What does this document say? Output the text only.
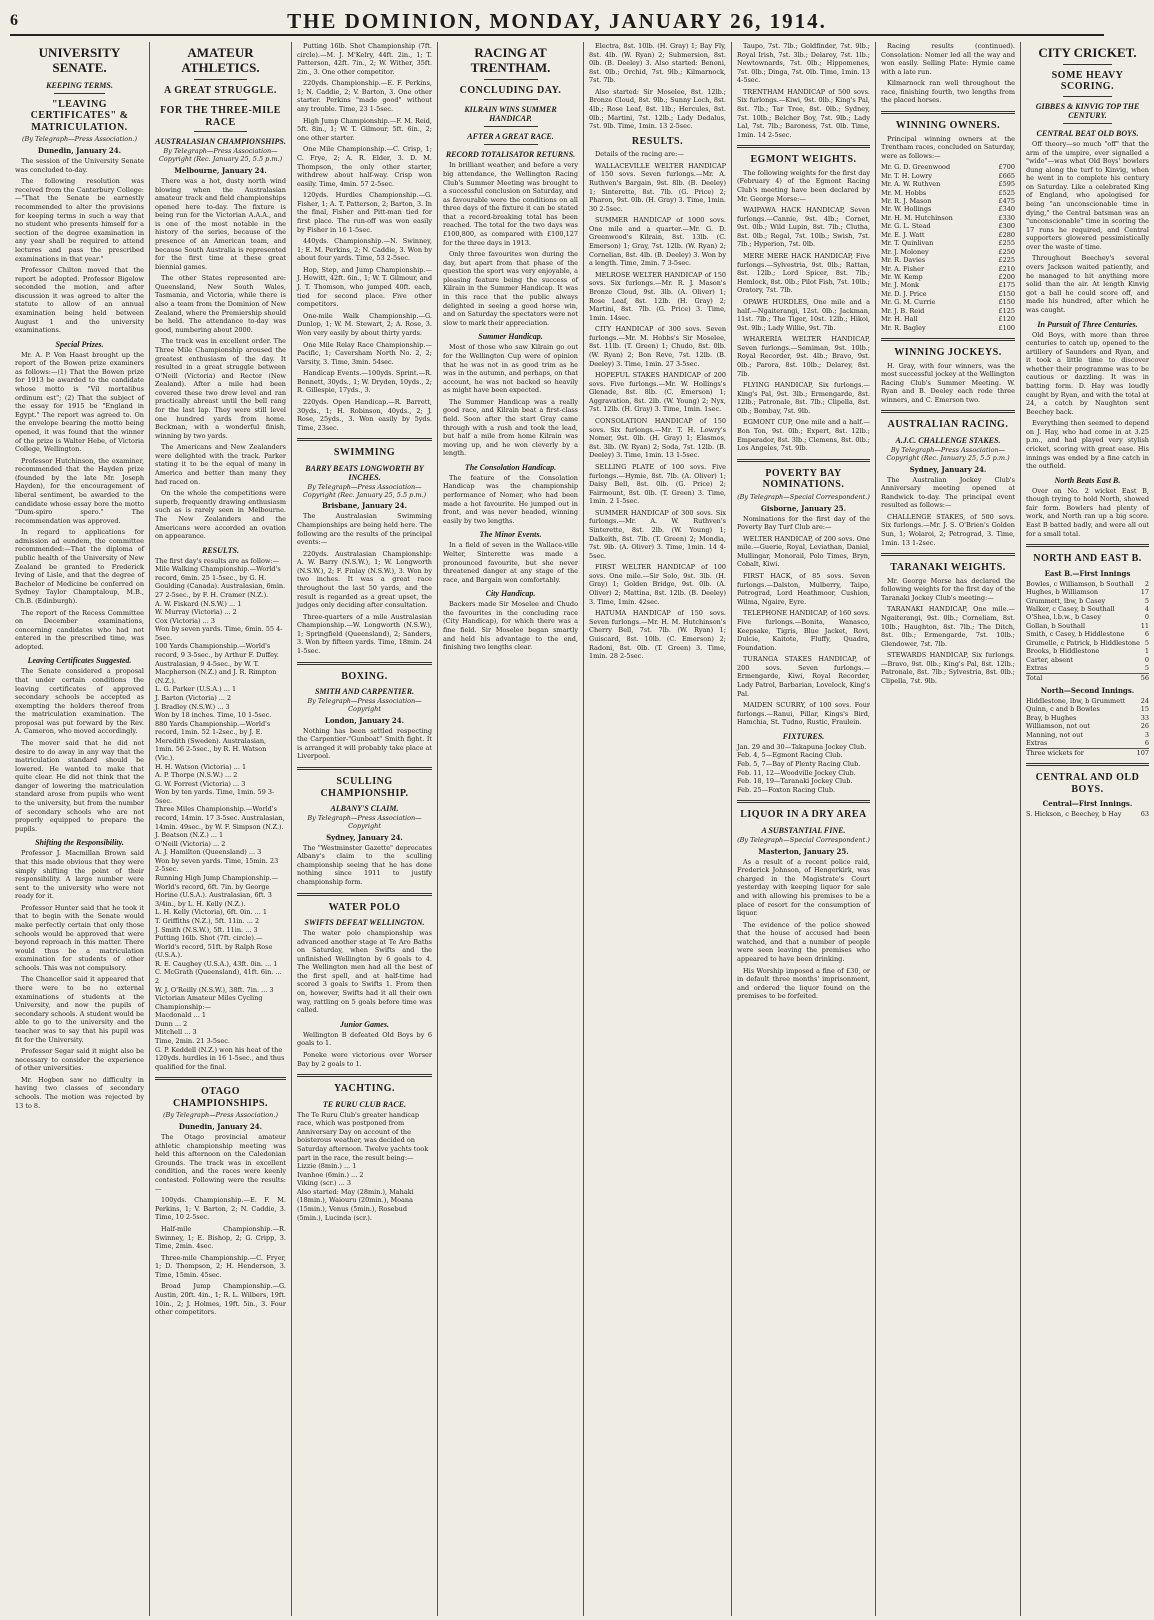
6	THE DOMINION, MONDAY, JANUARY 26, 1914.
UNIVERSITY SENATE.
KEEPING TERMS.
"LEAVING CERTIFICATES" & MATRICULATION.
(By Telegraph—Press Association.)
Dunedin, January 24.

The session of the University Senate was concluded to-day.

The following resolution was received from the Canterbury College:—"That the Senate be earnestly recommended to alter the provisions for keeping terms in such a way that no student who presents himself for a section of the degree examination in any year shall be required to attend lectures and pass the prescribed examinations in that year."

Professor Chilton moved that the report be adopted. Professor Bigelow seconded the motion, and after discussion it was agreed to alter the statute to allow of an annual examination being held between August 1 and the university examinations.

Special Prizes.

Mr. A. P. Von Haast brought up the report of the Bowen prize examiners as follows:—(1) That the Bowen prize for 1913 be awarded to the candidate whose motto is "Vil mortalibus ordinum est"; (2) That the subject of the essay for 1915 be "England in Egypt." The report was agreed to. On the envelope bearing the motto being opened, it was found that the winner of the prize is Walter Hebe, of Victoria College, Wellington.

Professor Hutchinson, the examiner, recommended that the Hayden prize (founded by the late Mr. Joseph Hayden), for the encouragement of liberal sentiment, be awarded to the candidate whose essay bore the motto "Dum-spiro spero." The recommendation was approved.

In regard to applications for admission ad eundem, the committee recommended:—That the diploma of public health of the University of New Zealand be granted to Frederick Irving of Lisle, and that the degree of Bachelor of Medicine be conferred on Sydney Taylor Champtaloup, M.B., Ch.B. (Edinburgh).

The report of the Recess Committee on December examinations, concerning candidates who had not entered in the prescribed time, was adopted.

Leaving Certificates Suggested.

The Senate considered a proposal that under certain conditions the leaving certificates of approved secondary schools be accepted as exempting the holders thereof from the matriculation examination. The proposal was put forward by the Rev. A. Cameron, who moved accordingly.

The mover said that he did not desire to do away in any way that the matriculation standard should be lowered. He wanted to make that quite clear. He did not think that the danger of lowering the matriculation standard arose from pupils who went to the university, but from the number of secondary schools who are not properly equipped to prepare the pupils.

Shifting the Responsibility.

Professor J. Macmillan Brown said that this made obvious that they were simply shifting the point of their responsibility. A large number were sent to the university who were not ready for it.

Professor Hunter said that he took it that to begin with the Senate would make perfectly certain that only those schools would be approved that were beyond reproach in this matter. There would thus be a matriculation examination for students of other schools. This was not compulsory.

The Chancellor said it appeared that there were to be no external examinations of students at the University, and now the pupils of secondary schools. A student would be able to go to the university and the teacher was to say that his pupil was fit for the University.

Professor Segar said it might also be necessary to consider the experience of other universities.

Mr. Hogben saw no difficulty in having two classes of secondary schools. The motion was rejected by 13 to 8.

AMATEUR ATHLETICS.
A GREAT STRUGGLE.
FOR THE THREE-MILE RACE
AUSTRALASIAN CHAMPIONSHIPS.
By Telegraph—Press Association—Copyright (Rec. January 25, 5.5 p.m.)
Melbourne, January 24.

There was a hot, dusty north wind blowing when the Australasian amateur track and field championships opened here to-day. The fixture is being run for the Victorian A.A.A., and is one of the most notable in the history of the series, because of the presence of an American team, and because South Australia is represented for the first time at these great biennial games.

The other States represented are: Queensland, New South Wales, Tasmania, and Victoria, while there is also a team from the Dominion of New Zealand, where the Premiership should be held. The attendance to-day was good, numbering about 2000.

The track was in excellent order. The Three Mile Championship aroused the greatest enthusiasm of the day. It resulted in a great struggle between O'Neill (Victoria) and Rector (New Zealand). After a mile had been covered these two drew level and ran practically abreast until the bell rang for the last lap. They were still level one hundred yards from home. Beckman, with a wonderful finish, winning by two yards.

The Americans and New Zealanders were delighted with the track. Parker stating it to be the equal of many in America and better than many they had raced on.

On the whole the competitions were superb, frequently drawing enthusiasm such as is rarely seen in Melbourne. The New Zealanders and the Americans were accorded an ovation on appearance.

RESULTS.

The first day's results are as follow:—

Mile Walking Championship.—World's record, 6min. 25 1-5sec., by G. H. Goulding (Canada). Australasian, 6min. 27 2-5sec., by F. H. Cramer (N.Z.).

A. W. Fiskard (N.S.W.) ... 1

W. Murray (Victoria) ... 2

Cox (Victoria) ... 3

Won by seven yards. Time, 6min. 55 4-5sec.

100 Yards Championship.—World's record, 9 3-5sec., by Arthur F. Duffey. Australasian, 9 4-5sec., by W. T. Macpherson (N.Z.) and J. R. Rimpton (N.Z.).

L. G. Parker (U.S.A.) ... 1

J. Barton (Victoria) ... 2

J. Bradley (N.S.W.) ... 3

Won by 18 inches. Time, 10 1-5sec.

880 Yards Championship.—World's record, 1min. 52 1-2sec., by J. E. Meredith (Sweden). Australasian, 1min. 56 2-5sec., by R. H. Watson (Vic.).

H. H. Watson (Victoria) ... 1

A. P. Thorpe (N.S.W.) ... 2

G. W. Forrest (Victoria) ... 3

Won by ten yards. Time, 1min. 59 3-5sec.

Three Miles Championship.—World's record, 14min. 17 3-5sec. Australasian, 14min. 49sec., by W. F. Simpson (N.Z.).

J. Beatson (N.Z.) ... 1

O'Neill (Victoria) ... 2

A. J. Hamilton (Queensland) ... 3

Won by seven yards. Time, 15min. 23 2-5sec.

Running High Jump Championship.—World's record, 6ft. 7in. by George Horine (U.S.A.). Australasian, 6ft. 3 3/4in., by L. H. Kelly (N.Z.).

L. H. Kelly (Victoria), 6ft. 0in. ... 1

T. Griffiths (N.Z.), 5ft. 11in. ... 2

J. Smith (N.S.W.), 5ft. 11in. ... 3

Putting 16lb. Shot (7ft. circle).—World's record, 51ft. by Ralph Rose (U.S.A.).

R. E. Caughey (U.S.A.), 43ft. 0in. ... 1

C. McGrath (Queensland), 41ft. 6in. ... 2

W. J. O'Reilly (N.S.W.), 38ft. 7in. ... 3

Victorian Amateur Miles Cycling Championship:—

Macdonald ... 1

Dunn ... 2

Mitchell ... 3

Time, 2min. 21 3-5sec.

G. P. Keddell (N.Z.) won his heat of the 120yds. hurdles in 16 1-5sec., and thus qualified for the final.

OTAGO CHAMPIONSHIPS.
(By Telegraph—Press Association.)
Dunedin, January 24.

The Otago provincial amateur athletic championship meeting was held this afternoon on the Caledonian Grounds. The track was in excellent condition, and the races were keenly contested. Following were the results:—

100yds. Championship.—E. F. M. Perkins, 1; V. Barton, 2; N. Caddie, 3. Time, 10 2-5sec.

Half-mile Championship.—R. Swinney, 1; E. Bishop, 2; G. Cripp, 3. Time, 2min. 4sec.

Three-mile Championship.—C. Fryer, 1; D. Thompson, 2; H. Henderson, 3. Time, 15min. 45sec.

Broad Jump Championship.—G. Austin, 20ft. 4in., 1; R. L. Wilbers, 19ft. 10in., 2; J. Holmes, 19ft. 5in., 3. Four other competitors.

Putting 16lb. Shot Championship (7ft. circle).—M. J. M'Kelry, 44ft. 2in., 1; T. Patterson, 42ft. 7in., 2; W. Wither, 35ft. 2in., 3. One other competitor.

220yds. Championship.—E. F. Perkins, 1; N. Caddie, 2; V. Barton, 3. One other starter. Perkins "made good" without any trouble. Time, 23 1-5sec.

High Jump Championship.—F. M. Reid, 5ft. 8in., 1; W. T. Gilmour, 5ft. 6in., 2; one other starter.

One Mile Championship.—C. Crisp, 1; C. Frye, 2; A. R. Elder, 3. D. M. Thompson, the only other starter, withdrew about half-way. Crisp won easily. Time, 4min. 57 2-5sec.

120yds. Hurdles Championship.—G. Fisher, 1; A. T. Patterson, 2; Barton, 3. In the final, Fisher and Pitt-man tied for first place. The run-off was won easily by Fisher in 16 1-5sec.

440yds. Championship.—N. Swinney, 1; E. M. Perkins, 2; N. Caddie, 3. Won by about four yards. Time, 53 2-5sec.

Hop, Step, and Jump Championship.—J. Hewitt, 42ft. 6in., 1; W. T. Gilmour, and J. T. Thomson, who jumped 40ft. each, tied for second place. Five other competitors.

One-mile Walk Championship.—G. Dunlop, 1; W. M. Stewart, 2; A. Rose, 3. Won very easily by about thirty yards.

One Mile Relay Race Championship.—Pacific, 1; Caversham North No. 2, 2; Varsity, 3. Time, 3min. 54sec.

Handicap Events.—100yds. Sprint.—R. Bennett, 30yds., 1; W. Dryden, 10yds., 2; R. Gillespie, 17yds., 3.

220yds. Open Handicap.—R. Barrett, 30yds., 1; H. Robinson, 40yds., 2; J. Rose, 25yds., 3. Won easily by 5yds. Time, 23sec.

SWIMMING
BARRY BEATS LONGWORTH BY INCHES.
By Telegraph—Press Association—Copyright (Rec. January 25, 5.5 p.m.)
Brisbane, January 24.

The Australasian Swimming Championships are being held here. The following are the results of the principal events:—

220yds. Australasian Championship: A. W. Barry (N.S.W.), 1; W. Longworth (N.S.W.), 2; F. Finlay (N.S.W.), 3. Won by two inches. It was a great race throughout the last 50 yards, and the result is regarded as a great upset, the judges only deciding after consultation.

Three-quarters of a mile Australasian Championship.—W. Longworth (N.S.W.), 1; Springfield (Queensland), 2; Sanders, 3. Won by fifteen yards. Time, 18min. 24 1-5sec.

BOXING.
SMITH AND CARPENTIER.
By Telegraph—Press Association—Copyright
London, January 24.

Nothing has been settled respecting the Carpentier-"Gunboat" Smith fight. It is arranged it will probably take place at Liverpool.

SCULLING CHAMPIONSHIP.
ALBANY'S CLAIM.
By Telegraph—Press Association—Copyright
Sydney, January 24.

The "Westminster Gazette" deprecates Albany's claim to the sculling championship seeing that he has done nothing since 1911 to justify championship form.

WATER POLO
SWIFTS DEFEAT WELLINGTON.

The water polo championship was advanced another stage at Te Aro Baths on Saturday, when Swifts and the unfinished Wellington by 6 goals to 4. The Wellington men had all the best of the first spell, and at half-time had scored 3 goals to Swifts 1. From then on, however, Swifts had it all their own way, rattling on 5 goals before time was called.

Junior Games.

Wellington B defeated Old Boys by 6 goals to 1.

Poneke were victorious over Worser Bay by 2 goals to 1.

YACHTING.
TE RURU CLUB RACE.

The Te Ruru Club's greater handicap race, which was postponed from Anniversary Day on account of the boisterous weather, was decided on Saturday afternoon. Twelve yachts took part in the race, the result being:—

Lizzie (8min.) ... 1

Ivanhoe (6min.) ... 2

Viking (scr.) ... 3

Also started: May (28min.), Mahaki (18min.), Waiouru (20min.), Moana (15min.), Venus (5min.), Rosebud (5min.), Lucinda (scr.).

RACING AT TRENTHAM.
CONCLUDING DAY.
KILRAIN WINS SUMMER HANDICAP.
AFTER A GREAT RACE.
RECORD TOTALISATOR RETURNS.

In brilliant weather, and before a very big attendance, the Wellington Racing Club's Summer Meeting was brought to a successful conclusion on Saturday, and as favourable were the conditions on all three days of the fixture it can be stated that a record-breaking total has been reached. The total for the two days was £100,800, as compared with £100,127 for the three days in 1913.

Only three favourites won during the day, but apart from that phase of the question the sport was very enjoyable, a pleasing feature being the success of Kilrain in the Summer Handicap. It was in this race that the public always delighted in seeing a good horse win, and on Saturday the spectators were not slow to mark their appreciation.

Summer Handicap.

Most of those who saw Kilrain go out for the Wellington Cup were of opinion that he was not in as good trim as he was in the autumn, and perhaps, on that account, he was not backed so heavily as might have been expected.

The Summer Handicap was a really good race, and Kilrain beat a first-class field. Soon after the start Gray came through with a rush and took the lead, but half a mile from home Kilrain was moving up, and he won cleverly by a length.

The Consolation Handicap.

The feature of the Consolation Handicap was the championship performance of Nomer, who had been made a hot favourite. He jumped out in front, and was never headed, winning easily by two lengths.

The Minor Events.

In a field of seven in the Wallace-ville Welter, Sinterette was made a pronounced favourite, but she never threatened danger at any stage of the race, and Bargain won comfortably.

City Handicap.

Backers made Sir Moselee and Chudo the favourites in the concluding race (City Handicap), for which there was a fine field. Sir Moselee began smartly and held his advantage to the end, finishing two lengths clear.

Electra, 8st. 10lb. (H. Gray) 1; Bay Fly, 8st. 4lb. (W. Ryan) 2; Submersion, 8st. 0lb. (B. Deeley) 3. Also started: Benoni, 8st. 0lb.; Orchid, 7st. 9lb.; Kilmarnock, 7st. 7lb.

Also started: Sir Moselee, 8st. 12lb.; Bronze Cloud, 8st. 9lb.; Sunny Loch, 8st. 4lb.; Rose Leaf, 8st. 1lb.; Hercules, 8st. 0lb.; Martini, 7st. 12lb.; Lady Dedalus, 7st. 9lb. Time, 1min. 13 2-5sec.

RESULTS.

Details of the racing are:—

WALLACEVILLE WELTER HANDICAP of 150 sovs. Seven furlongs.—Mr. A. Ruthven's Bargain, 9st. 8lb. (B. Deeley) 1; Sinterette, 8st. 7lb. (G. Price) 2; Pharon, 9st. 0lb. (H. Gray) 3. Time, 1min. 30 2-5sec.

SUMMER HANDICAP of 1000 sovs. One mile and a quarter.—Mr. G. D. Greenwood's Kilrain, 8st. 13lb. (C. Emerson) 1; Gray, 7st. 12lb. (W. Ryan) 2; Cornelian, 8st. 4lb. (B. Deeley) 3. Won by a length. Time, 2min. 7 3-5sec.

MELROSE WELTER HANDICAP of 150 sovs. Six furlongs.—Mr. R. J. Mason's Bronze Cloud, 9st. 3lb. (A. Oliver) 1; Rose Leaf, 8st. 12lb. (H. Gray) 2; Martini, 8st. 7lb. (G. Price) 3. Time, 1min. 14sec.

CITY HANDICAP of 300 sovs. Seven furlongs.—Mr. M. Hobbs's Sir Moselee, 8st. 11lb. (T. Green) 1; Chudo, 8st. 0lb. (W. Ryan) 2; Bon Reve, 7st. 12lb. (B. Deeley) 3. Time, 1min. 27 3-5sec.

HOPEFUL STAKES HANDICAP of 200 sovs. Five furlongs.—Mr. W. Hollings's Glenade, 8st. 8lb. (C. Emerson) 1; Aggravation, 8st. 2lb. (W. Young) 2; Nyx, 7st. 12lb. (H. Gray) 3. Time, 1min. 1sec.

CONSOLATION HANDICAP of 150 sovs. Six furlongs.—Mr. T. H. Lowry's Nomer, 9st. 0lb. (H. Gray) 1; Elasmos, 8st. 3lb. (W. Ryan) 2; Soda, 7st. 12lb. (B. Deeley) 3. Time, 1min. 13 1-5sec.

SELLING PLATE of 100 sovs. Five furlongs.—Hymie, 8st. 7lb. (A. Oliver) 1; Daisy Bell, 8st. 0lb. (G. Price) 2; Fairmount, 8st. 0lb. (T. Green) 3. Time, 1min. 2 1-5sec.

SUMMER HANDICAP of 300 sovs. Six furlongs.—Mr. A. W. Ruthven's Sinterette, 8st. 2lb. (W. Young) 1; Dalkeith, 8st. 7lb. (T. Green) 2; Mondia, 7st. 9lb. (A. Oliver) 3. Time, 1min. 14 4-5sec.

FIRST WELTER HANDICAP of 100 sovs. One mile.—Sir Solo, 9st. 3lb. (H. Gray) 1; Golden Bridge, 9st. 0lb. (A. Oliver) 2; Mattina, 8st. 12lb. (B. Deeley) 3. Time, 1min. 42sec.

HATUMA HANDICAP of 150 sovs. Seven furlongs.—Mr. H. M. Hutchinson's Cherry Bell, 7st. 7lb. (W. Ryan) 1; Guiscard, 8st. 10lb. (C. Emerson) 2; Radoni, 8st. 0lb. (T. Green) 3. Time, 1min. 28 2-5sec.

Taupo, 7st. 7lb.; Goldfinder, 7st. 9lb.; Royal Irish, 7st. 3lb.; Delarey, 7st. 1lb.; Newtownards, 7st. 0lb.; Hippomenes, 7st. 0lb.; Dinga, 7st. 0lb. Time, 1min. 13 4-5sec.

TRENTHAM HANDICAP of 500 sovs. Six furlongs.—Kiwi, 9st. 0lb.; King's Pal, 8st. 7lb.; Tar Tree, 8st. 0lb.; Sydney, 7st. 10lb.; Belcher Boy, 7st. 9lb.; Lady Lal, 7st. 7lb.; Baroness, 7st. 0lb. Time, 1min. 14 2-5sec.

EGMONT WEIGHTS.

The following weights for the first day (February 4) of the Egmont Racing Club's meeting have been declared by Mr. George Morse:—

WAIPAWA HACK HANDICAP, Seven furlongs.—Cannie, 9st. 4lb.; Cornet, 9st. 0lb.; Wild Lupin, 8st. 7lb.; Clutha, 8st. 0lb.; Regal, 7st. 10lb.; Swish, 7st. 7lb.; Hyperion, 7st. 0lb.

MERE MERE HACK HANDICAP, Five furlongs.—Sylvestria, 9st. 0lb.; Rattan, 8st. 12lb.; Lord Spicer, 8st. 7lb.; Hemlock, 8st. 0lb.; Pilot Fish, 7st. 10lb.; Oratory, 7st. 7lb.

OPAWE HURDLES, One mile and a half.—Ngaiterangi, 12st. 0lb.; Jackman, 11st. 7lb.; The Tiger, 10st. 12lb.; Hikoi, 9st. 9lb.; Lady Willie, 9st. 7lb.

WHARERIA WELTER HANDICAP, Seven furlongs.—Semiman, 9st. 10lb.; Royal Recorder, 9st. 4lb.; Bravo, 9st. 0lb.; Parora, 8st. 10lb.; Delarey, 8st. 7lb.

FLYING HANDICAP, Six furlongs.—King's Pal, 9st. 3lb.; Ermengarde, 8st. 12lb.; Patronale, 8st. 7lb.; Clipella, 8st. 0lb.; Bombay, 7st. 9lb.

EGMONT CUP, One mile and a half.—Bon Ton, 9st. 0lb.; Expert, 8st. 12lb.; Emperador, 8st. 3lb.; Clemens, 8st. 0lb.; Los Angeles, 7st. 9lb.

POVERTY BAY NOMINATIONS.
(By Telegraph—Special Correspondent.)
Gisborne, January 25.

Nominations for the first day of the Poverty Bay Turf Club are:—

WELTER HANDICAP, of 200 sovs. One mile.—Guerie, Royal, Leviathan, Danial, Mullingar, Monorail, Polo Times, Bryn, Cobalt, Kiwi.

FIRST HACK, of 85 sovs. Seven furlongs.—Dalston, Mulberry, Taipo, Petrograd, Lord Heathmoor, Cushion, Wilma, Ngaire, Eyre.

TELEPHONE HANDICAP, of 160 sovs. Five furlongs.—Bonita, Wanasco, Keepsake, Tigris, Blue Jacket, Rovi, Dulcie, Kaitote, Fluffy, Quadra, Foundation.

TURANGA STAKES HANDICAP, of 200 sovs. Seven furlongs.—Ermengarde, Kiwi, Royal Recorder, Lady Patrol, Barbarian, Lovelock, King's Pal.

MAIDEN SCURRY, of 100 sovs. Four furlongs.—Ranui, Pillar, Kings's Bird, Hamchia, St. Tudno, Rustic, Fraulein.

FIXTURES.

Jan. 29 and 30—Takapuna Jockey Club.

Feb. 4, 5—Egmont Racing Club.

Feb. 5, 7—Bay of Plenty Racing Club.

Feb. 11, 12—Woodville Jockey Club.

Feb. 18, 19—Taranaki Jockey Club.

Feb. 25—Foxton Racing Club.

LIQUOR IN A DRY AREA
A SUBSTANTIAL FINE.
(By Telegraph—Special Correspondent.)
Masterton, January 25.

As a result of a recent police raid, Frederick Johnson, of Hengerkirk, was charged in the Magistrate's Court yesterday with keeping liquor for sale and with allowing his premises to be a place of resort for the consumption of liquor.

The evidence of the police showed that the house of accused had been watched, and that a number of people were seen leaving the premises who appeared to have been drinking.

His Worship imposed a fine of £30, or in default three months' imprisonment, and ordered the liquor found on the premises to be forfeited.

Racing results (continued). Consolation: Nomer led all the way and won easily. Selling Plate: Hymie came with a late run.

Kilmarnock ran well throughout the race, finishing fourth, two lengths from the placed horses.

WINNING OWNERS.

Principal winning owners at the Trentham races, concluded on Saturday, were as follows:—

Mr. G. D. Greenwood	£700
Mr. T. H. Lowry	£665
Mr. A. W. Ruthven	£595
Mr. M. Hobbs	£525
Mr. R. J. Mason	£475
Mr. W. Hollings	£340
Mr. H. M. Hutchinson	£330
Mr. G. L. Stead	£300
Mr. E. J. Watt	£280
Mr. T. Quinlivan	£255
Mr. J. Moloney	£250
Mr. R. Davies	£225
Mr. A. Fisher	£210
Mr. W. Kemp	£200
Mr. J. Monk	£175
Mr. D. J. Price	£150
Mr. G. M. Currie	£150
Mr. J. B. Reid	£125
Mr. H. Hall	£120
Mr. R. Bagley	£100
WINNING JOCKEYS.

H. Gray, with four winners, was the most successful jockey at the Wellington Racing Club's Summer Meeting. W. Ryan and B. Deeley each rode three winners, and C. Emerson two.

AUSTRALIAN RACING.
A.J.C. CHALLENGE STAKES.
By Telegraph—Press Association—Copyright (Rec. January 25, 5.5 p.m.)
Sydney, January 24.

The Australian Jockey Club's Anniversary meeting opened at Randwick to-day. The principal event resulted as follows:—

CHALLENGE STAKES, of 500 sovs. Six furlongs.—Mr. J. S. O'Brien's Golden Sun, 1; Wolaroi, 2; Petrograd, 3. Time, 1min. 13 1-2sec.

TARANAKI WEIGHTS.

Mr. George Morse has declared the following weights for the first day of the Taranaki Jockey Club's meeting:—

TARANAKI HANDICAP, One mile.—Ngaiterangi, 9st. 0lb.; Corneliam, 8st. 10lb.; Haughton, 8st. 7lb.; The Ditch, 8st. 0lb.; Ermengarde, 7st. 10lb.; Glendower, 7st. 7lb.

STEWARDS HANDICAP, Six furlongs.—Bravo, 9st. 0lb.; King's Pal, 8st. 12lb.; Patronale, 8st. 7lb.; Sylvestria, 8st. 0lb.; Clipella, 7st. 9lb.

CITY CRICKET.
SOME HEAVY SCORING.
GIBBES & KINVIG TOP THE CENTURY.
CENTRAL BEAT OLD BOYS.

Off theory—so much "off" that the arm of the umpire, ever signalled a "wide"—was what Old Boys' bowlers dung along the turf to Kinvig, when he went in to complete his century on Saturday. Like a celebrated King of England, who apologised for being "an unconscionable time in dying," the Central batsman was an "unconscionable" time in scoring the 17 runs he required, and Central supporters glowered pessimistically over the waste of time.

Throughout Beechey's several overs Jackson waited patiently, and he managed to hit anything more solid than the air. At length Kinvig got a ball he could score off, and made his hundred, after which he was caught.

In Pursuit of Three Centuries.

Old Boys, with more than three centuries to catch up, opened to the artillery of Saunders and Ryan, and it took a little time to discover whether their programme was to be cautious or dazzling. It was in batting form. D. Hay was loudly caught by Ryan, and with the total at 24, a catch by Naughton sent Beechey back.

Everything then seemed to depend on J. Hay, who had come in at 3.25 p.m., and had played very stylish cricket, scoring with great ease. His innings was ended by a fine catch in the outfield.

North Beats East B.

Over on No. 2 wicket East B, though trying to hold North, showed fair form. Bowlers had plenty of work, and North ran up a big score. East B batted badly, and were all out for a small total.

NORTH AND EAST B.
East B.—First Innings
Bowles, c Williamson, b Southall	2
Hughes, b Williamson	17
Grummett, lbw, b Casey	5
Walker, c Casey, b Southall	4
O'Shea, l.b.w., b Casey	0
Gollan, b Southall	11
Smith, c Casey, b Hiddlestone	6
Grumelle, c Patrick, b Hiddlestone	5
Brooks, b Hiddlestone	1
Carter, absent	0
Extras	5
Total	56
North—Second Innings.
Hiddlestone, lbw, b Grummett	24
Quinn, c and b Bowles	15
Bray, b Hughes	33
Williamson, not out	26
Manning, not out	3
Extras	6
Three wickets for	107
CENTRAL AND OLD BOYS.
Central—First Innings.
S. Hickson, c Beechey, b Hay	63
